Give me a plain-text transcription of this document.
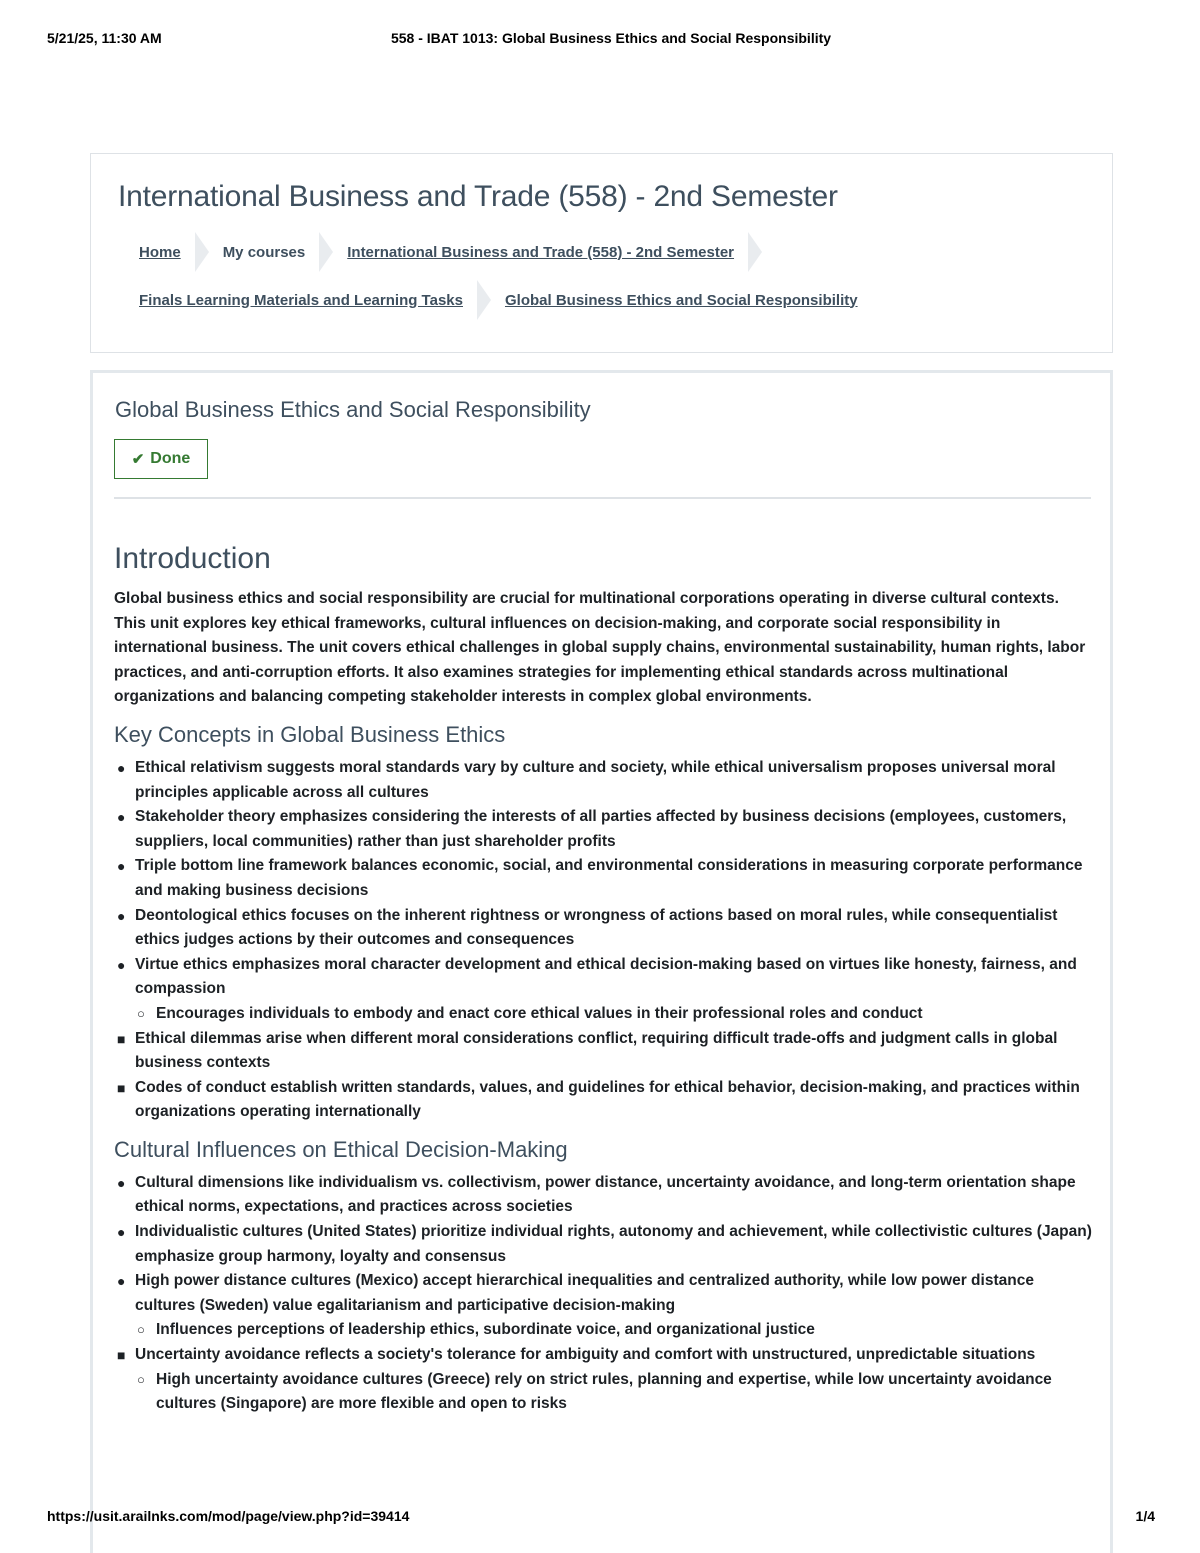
5/21/25, 11:30 AM	558 - IBAT 1013: Global Business Ethics and Social Responsibility
International Business and Trade (558) - 2nd Semester
Home	My courses	International Business and Trade (558) - 2nd Semester
Finals Learning Materials and Learning Tasks	Global Business Ethics and Social Responsibility
Global Business Ethics and Social Responsibility
✔ Done
Introduction

Global business ethics and social responsibility are crucial for multinational corporations operating in diverse cultural contexts. This unit explores key ethical frameworks, cultural influences on decision-making, and corporate social responsibility in international business. The unit covers ethical challenges in global supply chains, environmental sustainability, human rights, labor practices, and anti-corruption efforts. It also examines strategies for implementing ethical standards across multinational organizations and balancing competing stakeholder interests in complex global environments.

Key Concepts in Global Business Ethics
● Ethical relativism suggests moral standards vary by culture and society, while ethical universalism proposes universal moral principles applicable across all cultures
● Stakeholder theory emphasizes considering the interests of all parties affected by business decisions (employees, customers, suppliers, local communities) rather than just shareholder profits
● Triple bottom line framework balances economic, social, and environmental considerations in measuring corporate performance and making business decisions
● Deontological ethics focuses on the inherent rightness or wrongness of actions based on moral rules, while consequentialist ethics judges actions by their outcomes and consequences
● Virtue ethics emphasizes moral character development and ethical decision-making based on virtues like honesty, fairness, and compassion
○ Encourages individuals to embody and enact core ethical values in their professional roles and conduct
■ Ethical dilemmas arise when different moral considerations conflict, requiring difficult trade-offs and judgment calls in global business contexts
■ Codes of conduct establish written standards, values, and guidelines for ethical behavior, decision-making, and practices within organizations operating internationally
Cultural Influences on Ethical Decision-Making
● Cultural dimensions like individualism vs. collectivism, power distance, uncertainty avoidance, and long-term orientation shape ethical norms, expectations, and practices across societies
● Individualistic cultures (United States) prioritize individual rights, autonomy and achievement, while collectivistic cultures (Japan) emphasize group harmony, loyalty and consensus
● High power distance cultures (Mexico) accept hierarchical inequalities and centralized authority, while low power distance cultures (Sweden) value egalitarianism and participative decision-making
○ Influences perceptions of leadership ethics, subordinate voice, and organizational justice
■ Uncertainty avoidance reflects a society's tolerance for ambiguity and comfort with unstructured, unpredictable situations
○ High uncertainty avoidance cultures (Greece) rely on strict rules, planning and expertise, while low uncertainty avoidance cultures (Singapore) are more flexible and open to risks
https://usit.arailnks.com/mod/page/view.php?id=39414	1/4
